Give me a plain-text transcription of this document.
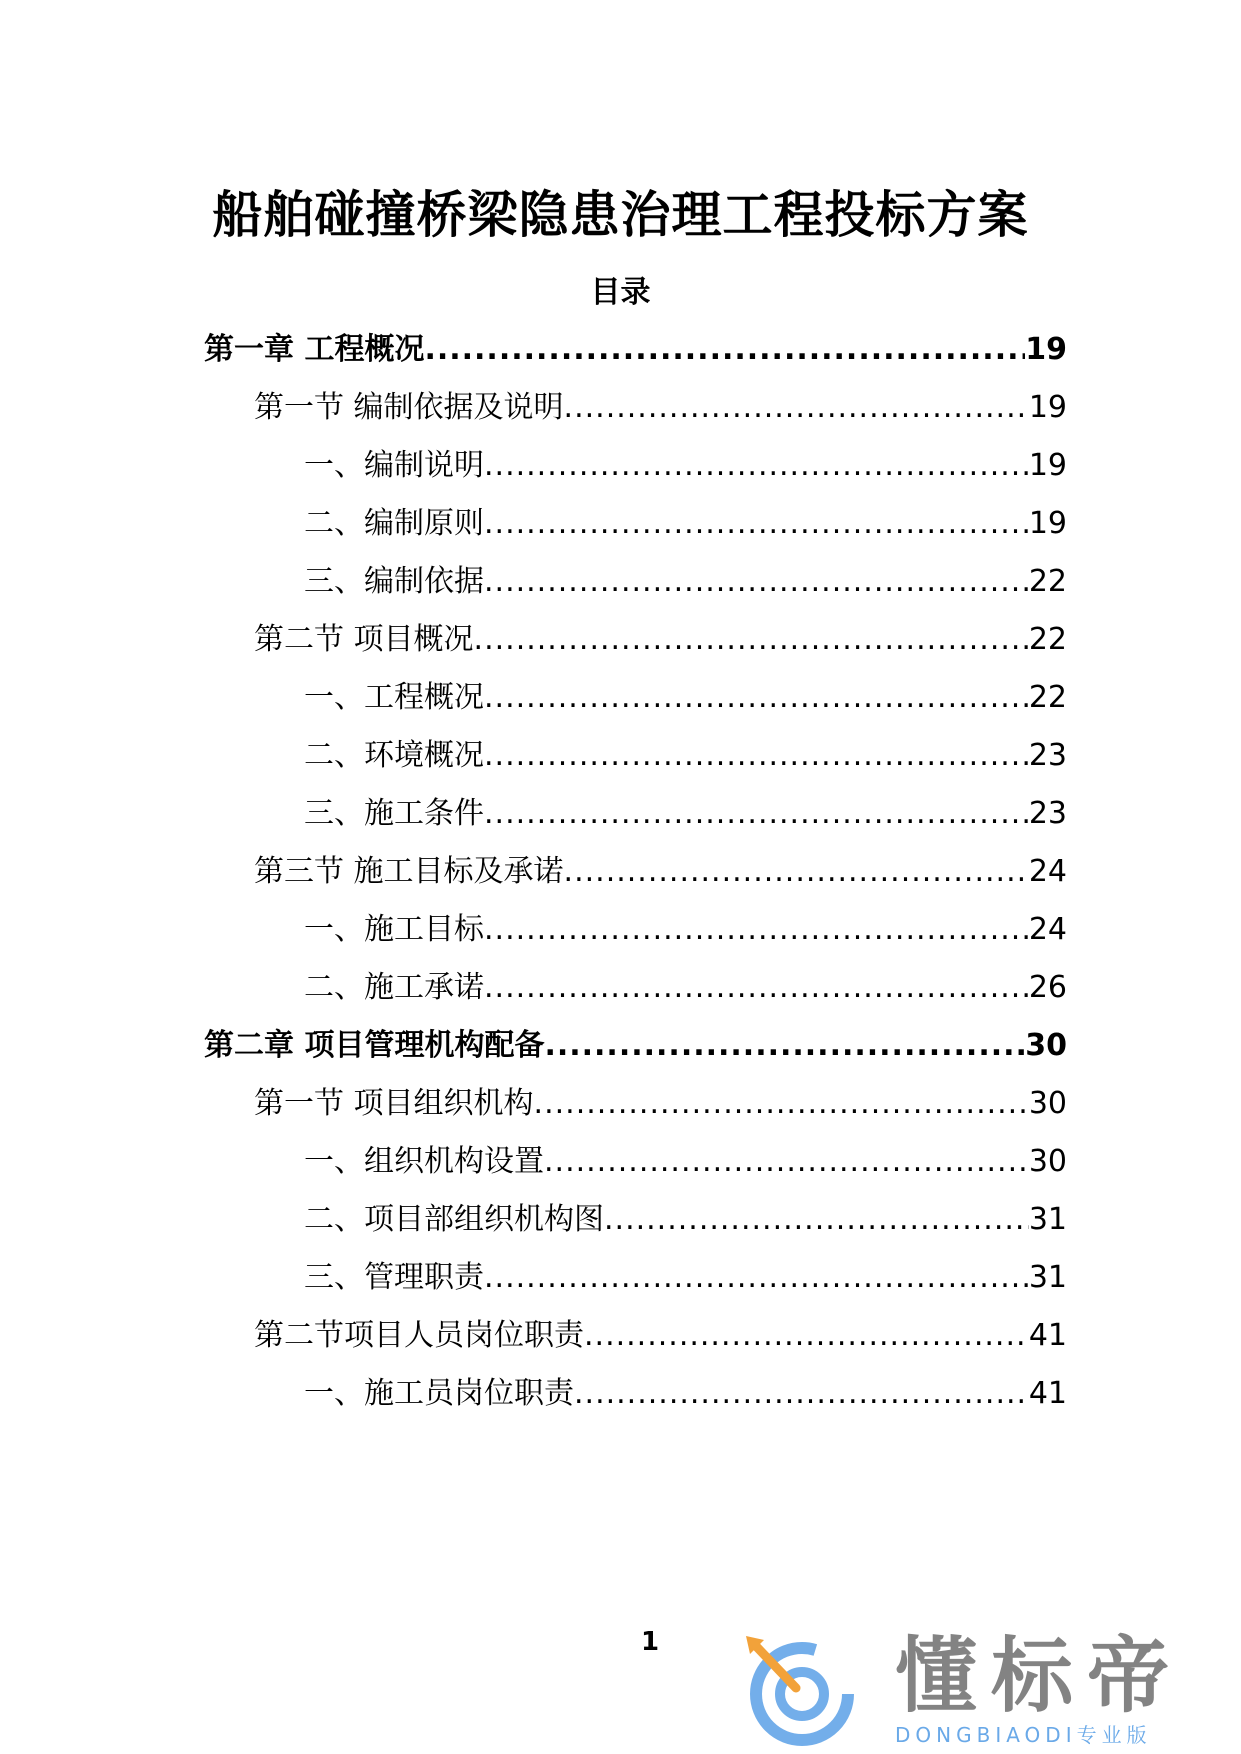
船舶碰撞桥梁隐患治理工程投标方案
目录
第一章 工程概况 .....	19
第一节 编制依据及说明 .....	19
一、编制说明 .....	19
二、编制原则 .....	19
三、编制依据 .....	22
第二节 项目概况 .....	22
一、工程概况 .....	22
二、环境概况 .....	23
三、施工条件 .....	23
第三节 施工目标及承诺 .....	24
一、施工目标 .....	24
二、施工承诺 .....	26
第二章 项目管理机构配备 .....	30
第一节 项目组织机构 .....	30
一、组织机构设置 .....	30
二、项目部组织机构图 .....	31
三、管理职责 .....	31
第二节项目人员岗位职责 .....	41
一、施工员岗位职责 .....	41
1	懂标帝
DONGBIAODI专业版
